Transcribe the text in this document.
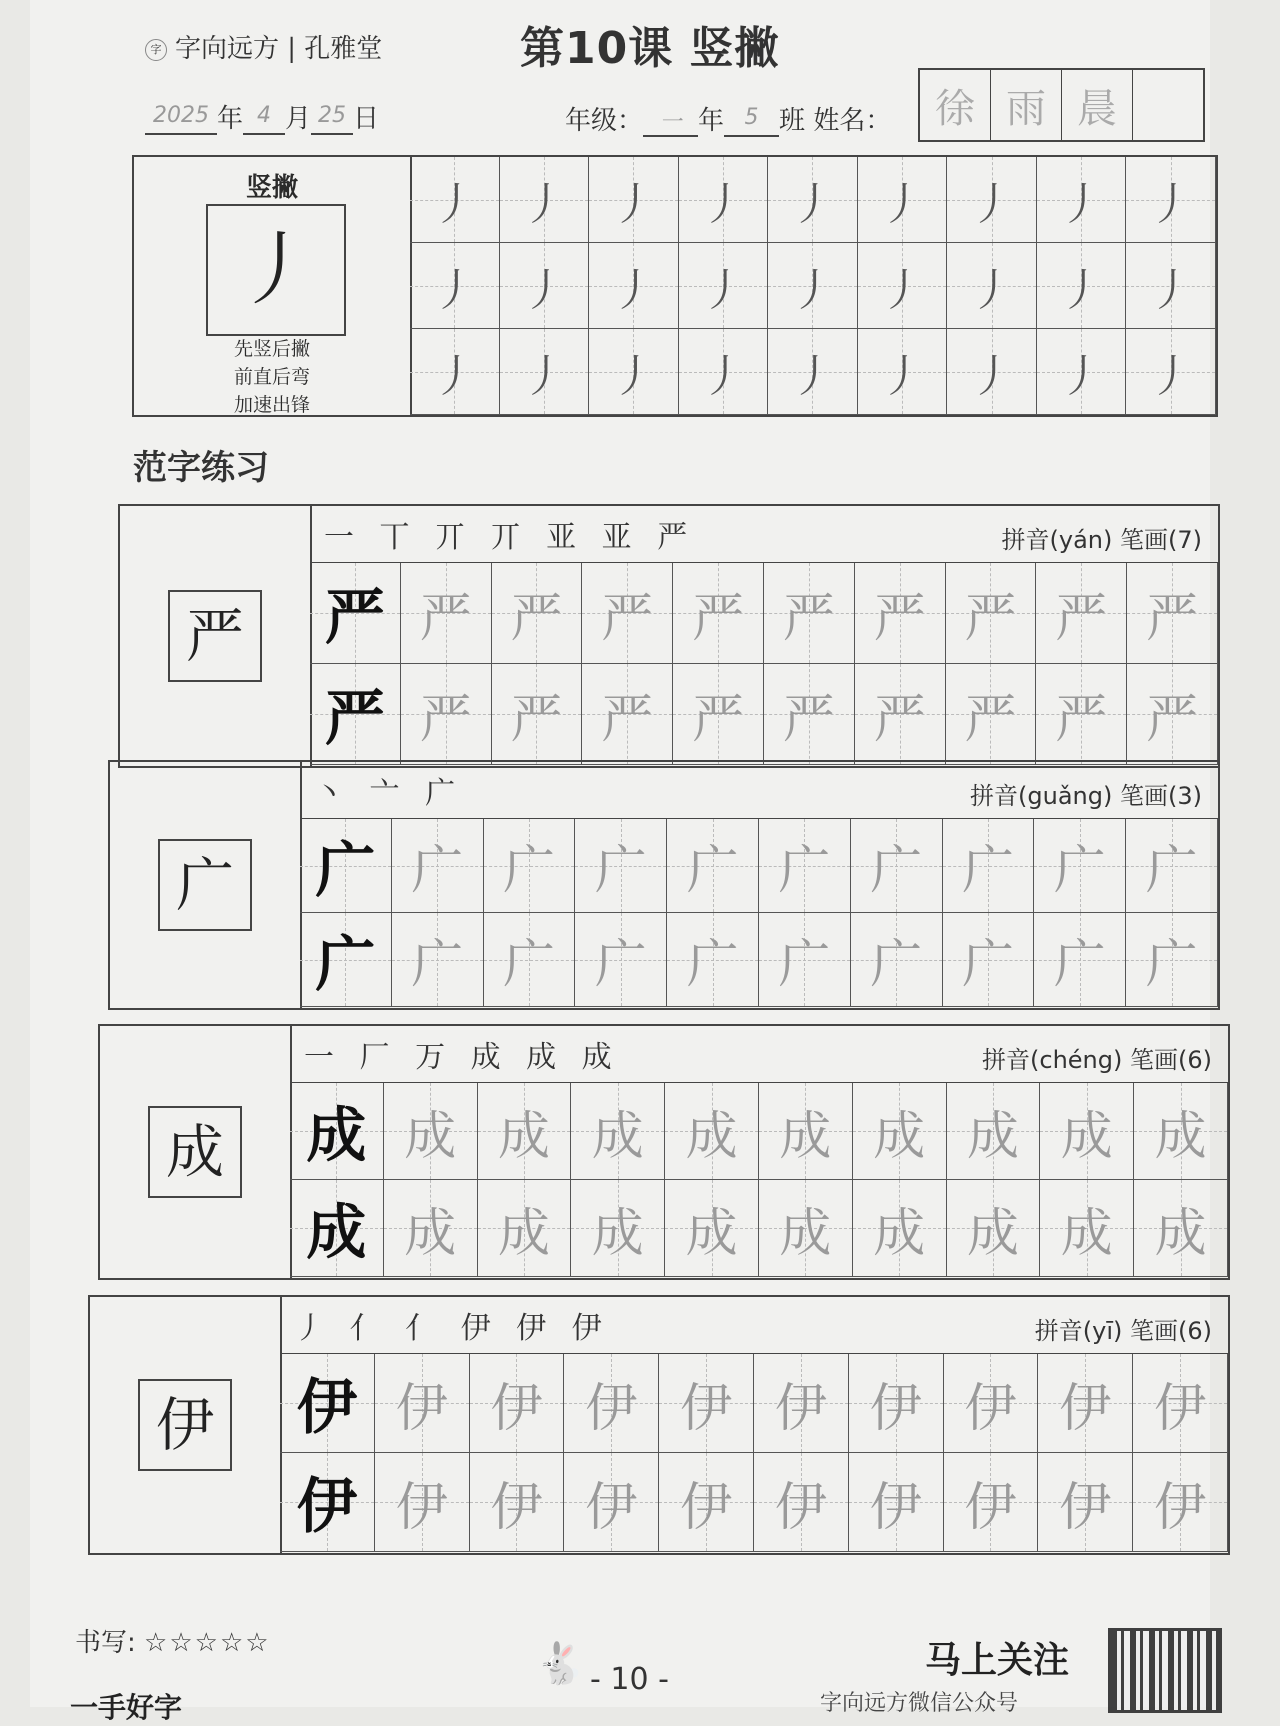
字 字向远方 | 孔雅堂	第10课 竖撇
2025 年 4 月 25 日	年级： 一 年 5 班 姓名：	徐 雨 晨
竖撇
丿
先竖后撇
前直后弯
加速出锋
丿 丿 丿 丿 丿 丿 丿 丿 丿
丿 丿 丿 丿 丿 丿 丿 丿 丿
丿 丿 丿 丿 丿 丿 丿 丿 丿
范字练习
严
一 丅 丌 丌 亚 亚 严	拼音(yán) 笔画(7)
严 严 严 严 严 严 严 严 严 严
严 严 严 严 严 严 严 严 严 严
广
丶 亠 广	拼音(guǎng) 笔画(3)
广 广 广 广 广 广 广 广 广 广
广 广 广 广 广 广 广 广 广 广
成
一 厂 万 成 成 成	拼音(chéng) 笔画(6)
成 成 成 成 成 成 成 成 成 成
成 成 成 成 成 成 成 成 成 成
伊
丿 亻 亻 伊 伊 伊	拼音(yī) 笔画(6)
伊 伊 伊 伊 伊 伊 伊 伊 伊 伊
伊 伊 伊 伊 伊 伊 伊 伊 伊 伊
书写: ☆☆☆☆☆	🐇 - 10 -	马上关注
字向远方微信公众号
一手好字
